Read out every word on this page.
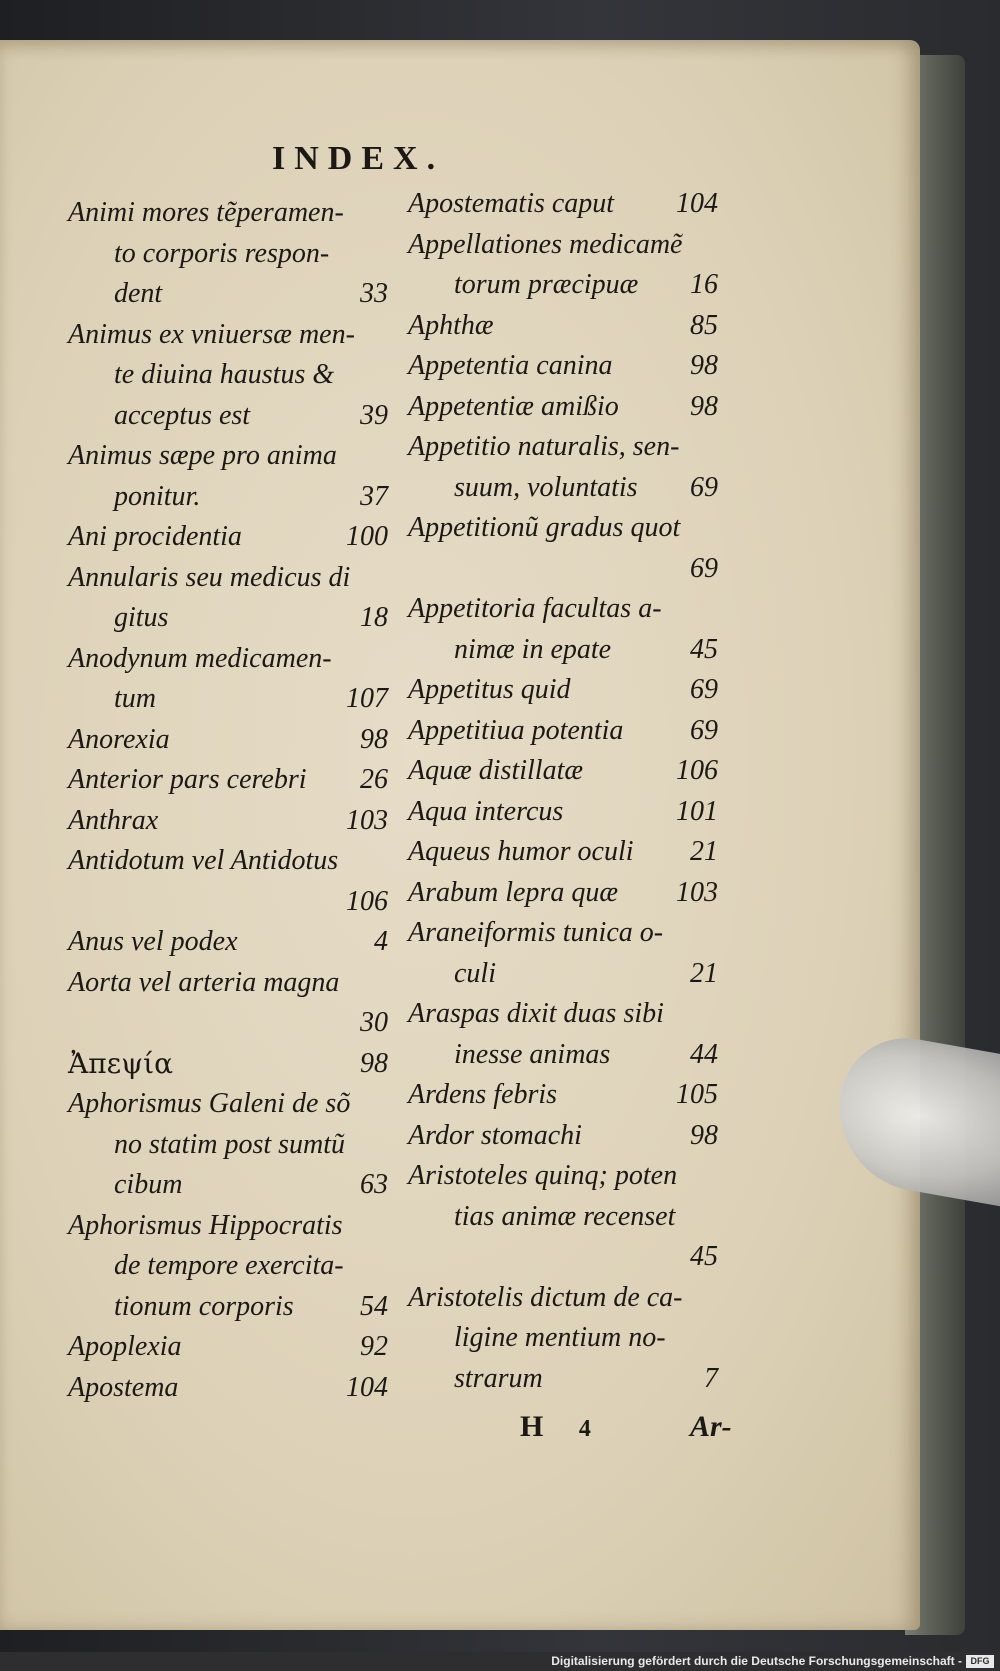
INDEX.
Animi mores tẽperamen-
to corporis respon-
dent	33
Animus ex vniuersæ men-
te diuina haustus &
acceptus est	39
Animus sæpe pro anima
ponitur.	37
Ani procidentia	100
Annularis seu medicus di
gitus	18
Anodynum medicamen-
tum	107
Anorexia	98
Anterior pars cerebri 26
Anthrax	103
Antidotum vel Antidotus
106
Anus vel podex	4
Aorta vel arteria magna
30
Ἀπεψία	98
Aphorismus Galeni de sõ
no statim post sumtũ
cibum	63
Aphorismus Hippocratis
de tempore exercita-
tionum corporis 54
Apoplexia	92
Apostema	104
Apostematis caput 104
Appellationes medicamẽ
torum præcipuæ 16
Aphthæ	85
Appetentia canina	98
Appetentiæ amißio	98
Appetitio naturalis, sen-
suum, voluntatis 69
Appetitionũ gradus quot
69
Appetitoria facultas a-
nimæ in epate	45
Appetitus quid	69
Appetitiua potentia 69
Aquæ distillatæ	106
Aqua intercus	101
Aqueus humor oculi 21
Arabum lepra quæ 103
Araneiformis tunica o-
culi	21
Araspas dixit duas sibi
inesse animas	44
Ardens febris	105
Ardor stomachi	98
Aristoteles quinq; poten
tias animæ recenset
45
Aristotelis dictum de ca-
ligine mentium no-
strarum	7
H 4	Ar-
Digitalisierung gefördert durch die Deutsche Forschungsgemeinschaft - DFG
